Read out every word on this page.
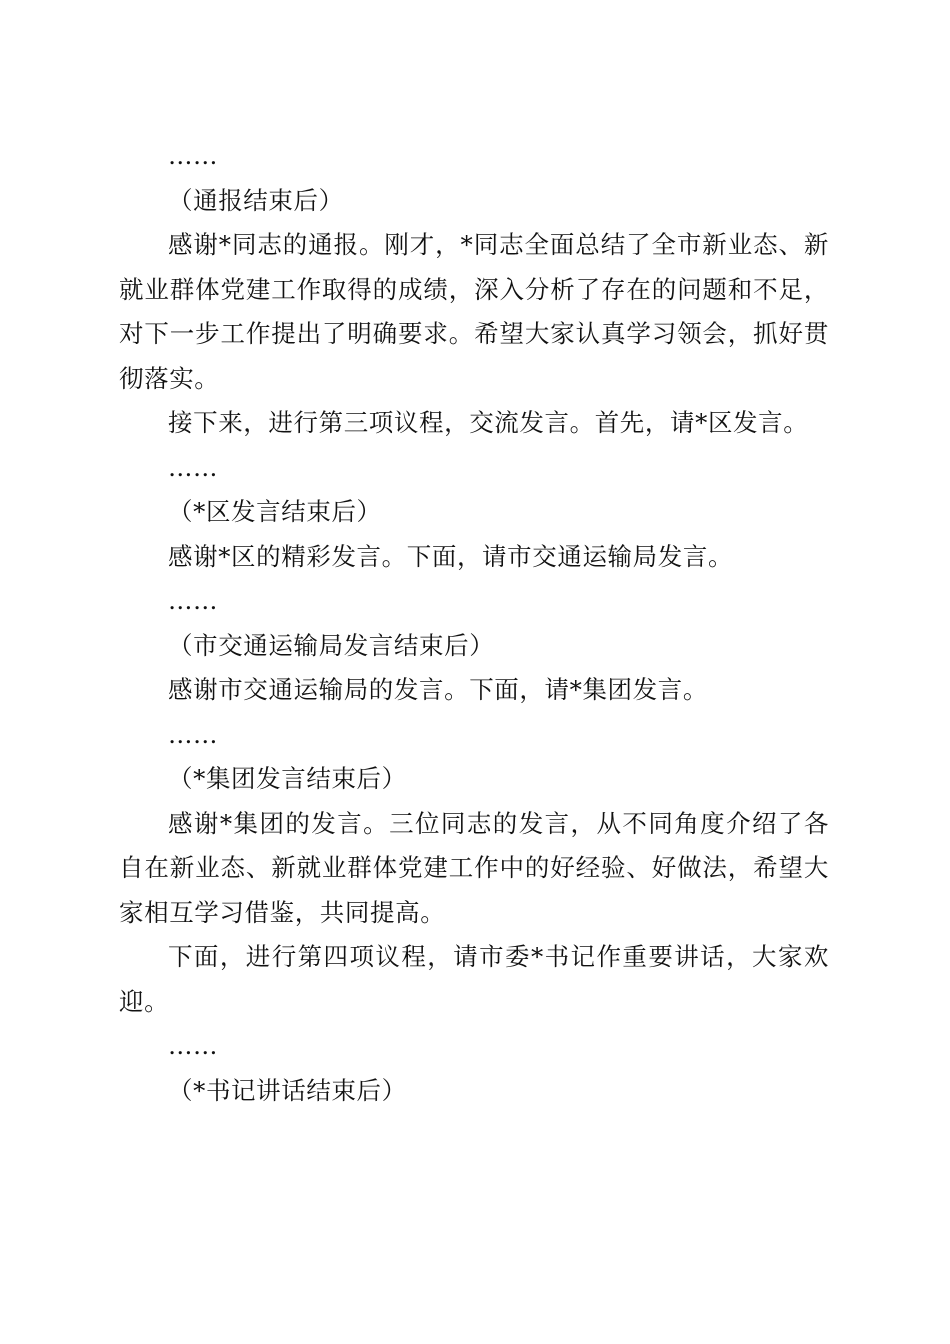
……

（通报结束后）

感谢*同志的通报。刚才，*同志全面总结了全市新业态、新就业群体党建工作取得的成绩，深入分析了存在的问题和不足，对下一步工作提出了明确要求。希望大家认真学习领会，抓好贯彻落实。

接下来，进行第三项议程，交流发言。首先，请*区发言。

……

（*区发言结束后）

感谢*区的精彩发言。下面，请市交通运输局发言。

……

（市交通运输局发言结束后）

感谢市交通运输局的发言。下面，请*集团发言。

……

（*集团发言结束后）

感谢*集团的发言。三位同志的发言，从不同角度介绍了各自在新业态、新就业群体党建工作中的好经验、好做法，希望大家相互学习借鉴，共同提高。

下面，进行第四项议程，请市委*书记作重要讲话，大家欢迎。

……

（*书记讲话结束后）
